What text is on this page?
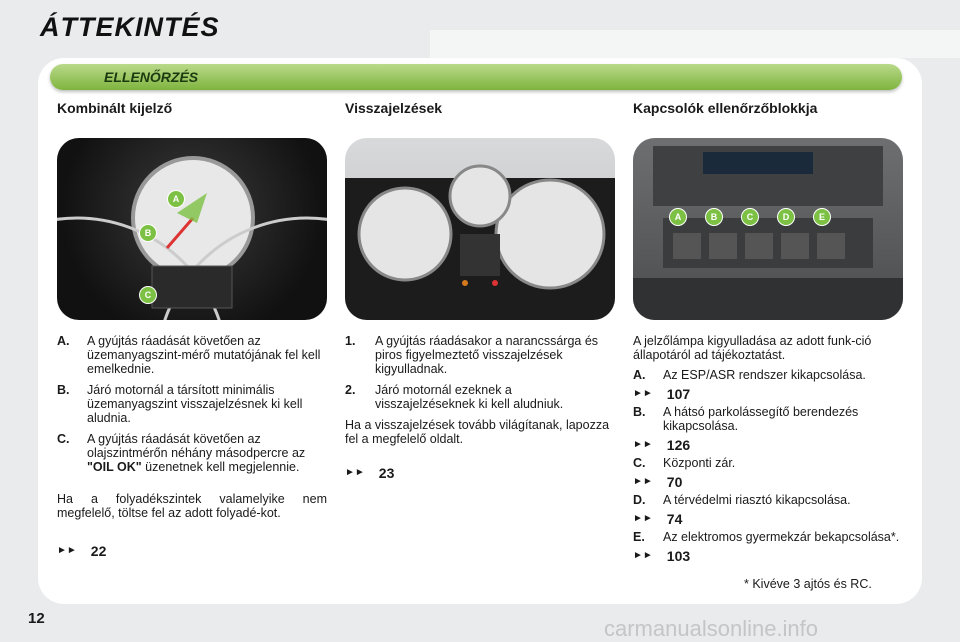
ÁTTEKINTÉS
ELLENŐRZÉS
Kombinált kijelző
A
B
C
A. A gyújtás ráadását követően az üzemanyagszint-mérő mutatójának fel kell emelkednie.
B. Járó motornál a társított minimális üzemanyagszint visszajelzésnek ki kell aludnia.
C. A gyújtás ráadását követően az olajszintmérőn néhány másodpercre az "OIL OK" üzenetnek kell megjelennie.
Ha a folyadékszintek valamelyike nem megfelelő, töltse fel az adott folyadé-kot.
►► 22
Visszajelzések
1. A gyújtás ráadásakor a narancssárga és piros figyelmeztető visszajelzések kigyulladnak.
2. Járó motornál ezeknek a visszajelzéseknek ki kell aludniuk.
Ha a visszajelzések tovább világítanak, lapozza fel a megfelelő oldalt.
►► 23
Kapcsolók ellenőrzőblokkja
A	B	C	D	E
A jelzőlámpa kigyulladása az adott funk-ció állapotáról ad tájékoztatást.
A. Az ESP/ASR rendszer kikapcsolása.
►► 107
B. A hátsó parkolássegítő berendezés kikapcsolása.
►► 126
C. Központi zár.
►► 70
D. A térvédelmi riasztó kikapcsolása.
►► 74
E. Az elektromos gyermekzár bekapcsolása*.
►► 103
* Kivéve 3 ajtós és RC.
12	carmanualsonline.info
